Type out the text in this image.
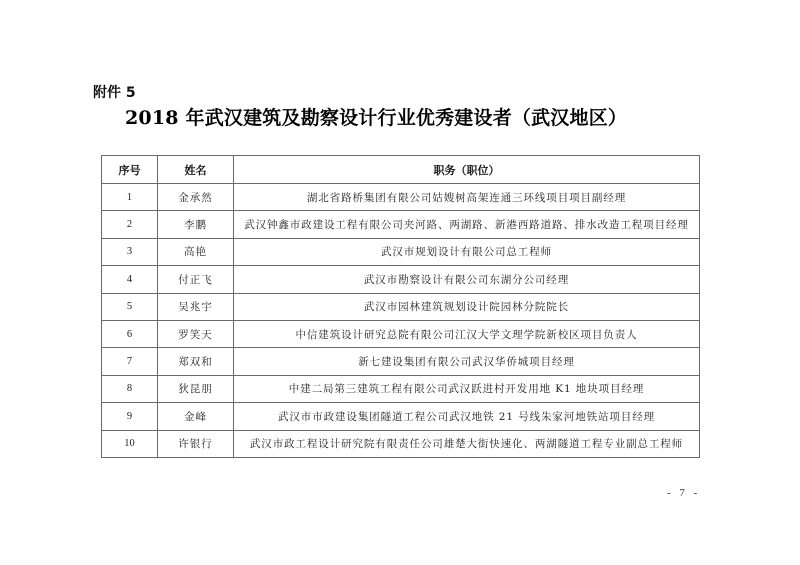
附件 5
2018 年武汉建筑及勘察设计行业优秀建设者（武汉地区）
序号	姓名	职务（职位）
1	金承然	湖北省路桥集团有限公司姑嫂树高架连通三环线项目项目副经理
2	李鹏	武汉钟鑫市政建设工程有限公司夹河路、两湖路、新港西路道路、排水改造工程项目经理
3	高艳	武汉市规划设计有限公司总工程师
4	付正飞	武汉市勘察设计有限公司东湖分公司经理
5	吴兆宇	武汉市园林建筑规划设计院园林分院院长
6	罗笑天	中信建筑设计研究总院有限公司江汉大学文理学院新校区项目负责人
7	郑双和	新七建设集团有限公司武汉华侨城项目经理
8	狄昆朋	中建二局第三建筑工程有限公司武汉跃进村开发用地 K1 地块项目经理
9	金峰	武汉市市政建设集团隧道工程公司武汉地铁 21 号线朱家河地铁站项目经理
10	许银行	武汉市政工程设计研究院有限责任公司雄楚大街快速化、两湖隧道工程专业副总工程师
- 7 -
